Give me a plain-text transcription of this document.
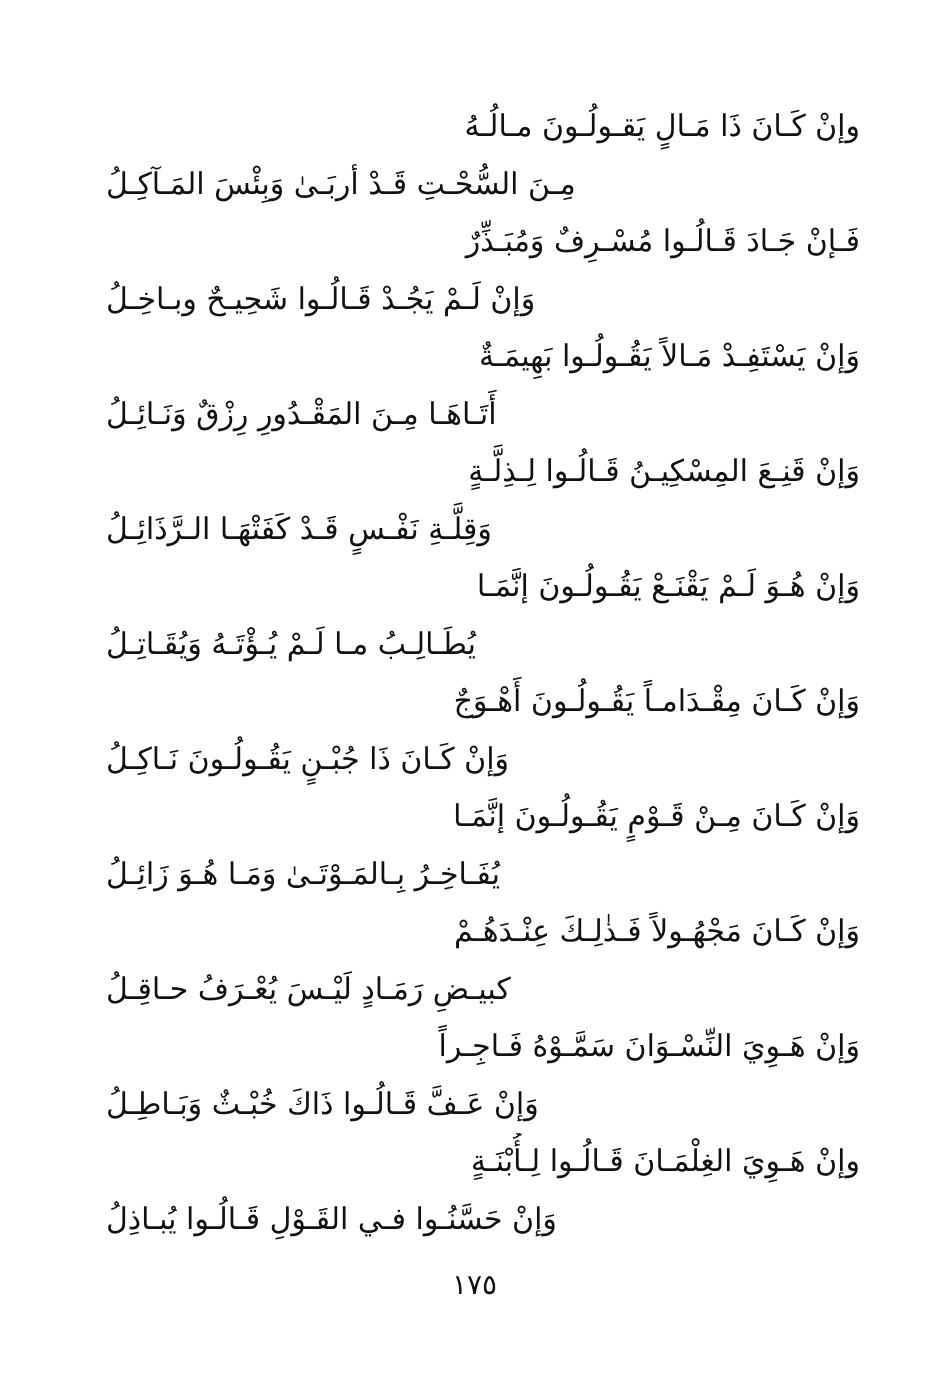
وإنْ كَـانَ ذَا مَـالٍ يَقـولُـونَ مـالُـهُ
مِـنَ السُّحْـتِ قَـدْ أربَـىٰ وَبِئْسَ المَـآكِـلُ
فَـإنْ جَـادَ قَـالُـوا مُسْـرِفٌ وَمُبَـذِّرٌ
وَإنْ لَـمْ يَجُـدْ قَـالُـوا شَحِيـحٌ وبـاخِـلُ
وَإنْ يَسْتَفِـدْ مَـالاً يَقُـولُـوا بَهِيمَـةٌ
أَتَـاهَـا مِـنَ المَقْـدُورِ رِزْقٌ وَنَـائِـلُ
وَإنْ قَنِـعَ المِسْكِيـنُ قَـالُـوا لِـذِلَّـةٍ
وَقِلَّـةِ نَفْـسٍ قَـدْ كَفَتْهَـا الـرَّذَائِـلُ
وَإنْ هُـوَ لَـمْ يَقْنَـعْ يَقُـولُـونَ إنَّمَـا
يُطَـالِـبُ مـا لَـمْ يُـؤْتَـهُ وَيُقَـاتِـلُ
وَإنْ كَـانَ مِقْـدَامـاً يَقُـولُـونَ أَهْـوَجٌ
وَإنْ كَـانَ ذَا جُبْـنٍ يَقُـولُـونَ نَـاكِـلُ
وَإنْ كَـانَ مِـنْ قَـوْمٍ يَقُـولُـونَ إنَّمَـا
يُفَـاخِـرُ بِـالمَـوْتَـىٰ وَمَـا هُـوَ زَائِـلُ
وَإنْ كَـانَ مَجْهُـولاً فَـذٰلِـكَ عِنْـدَهُـمْ
كبيـضِ رَمَـادٍ لَيْـسَ يُعْـرَفُ حـاقِـلُ
وَإنْ هَـوِيَ النِّسْـوَانَ سَمَّـوْهُ فَـاجِـراً
وَإنْ عَـفَّ قَـالُـوا ذَاكَ خُبْـثٌ وَبَـاطِـلُ
وإنْ هَـوِيَ الغِلْمَـانَ قَـالُـوا لِـأُبْنَـةٍ
وَإنْ حَسَّنُـوا فـي القَـوْلِ قَـالُـوا يُبـاذِلُ
١٧٥
